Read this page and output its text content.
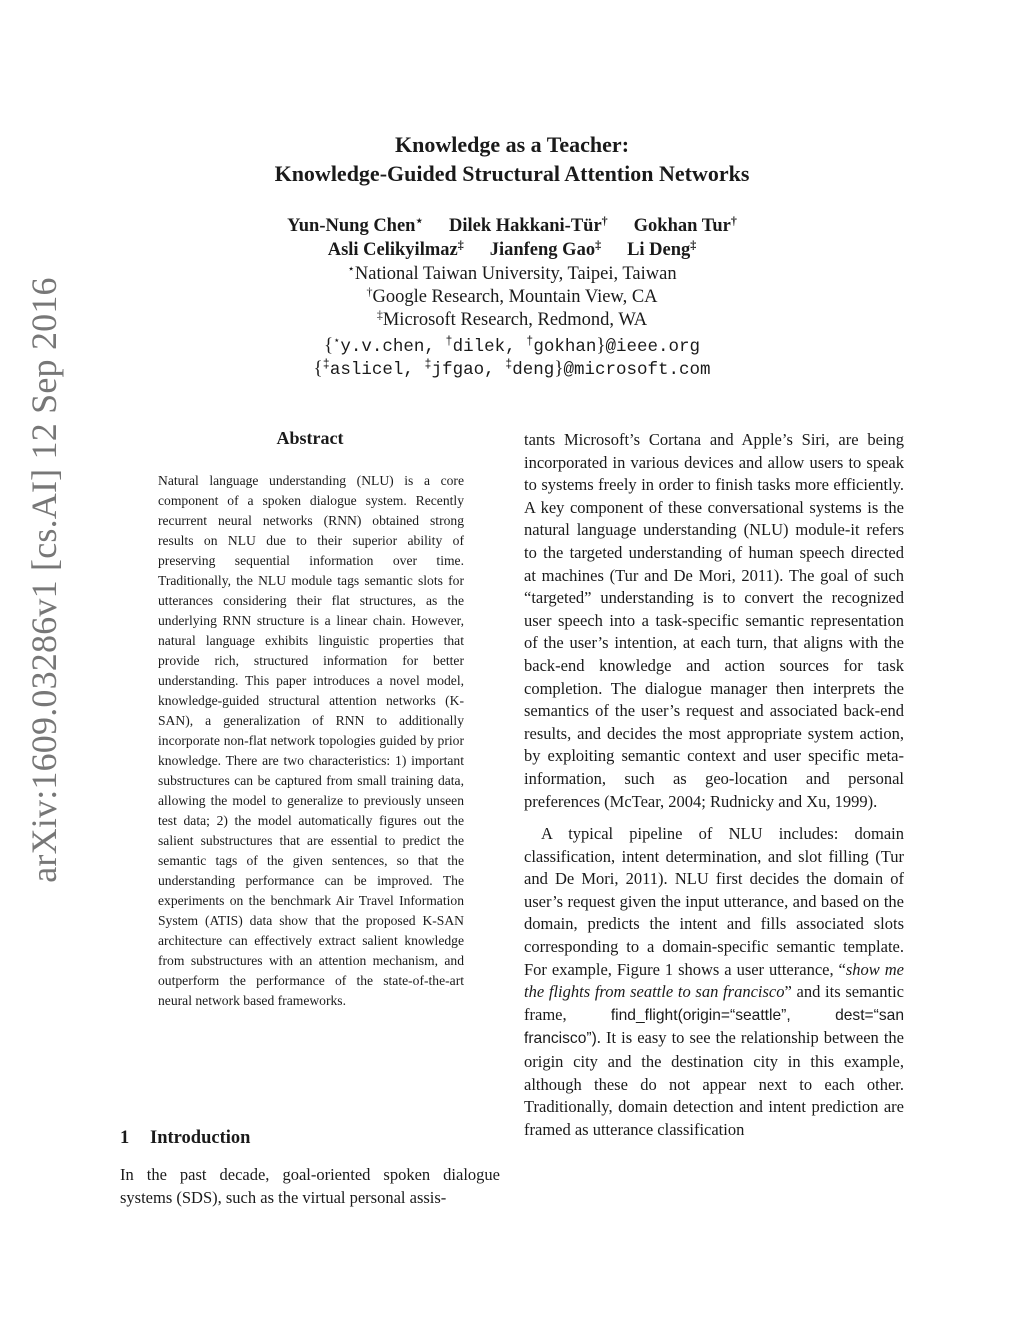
Knowledge as a Teacher:
Knowledge-Guided Structural Attention Networks
Yun-Nung Chen⋆ Dilek Hakkani-Tür† Gokhan Tur†
Asli Celikyilmaz‡ Jianfeng Gao‡ Li Deng‡
⋆National Taiwan University, Taipei, Taiwan
†Google Research, Mountain View, CA
‡Microsoft Research, Redmond, WA
{⋆y.v.chen, †dilek, †gokhan}@ieee.org
{‡aslicel, ‡jfgao, ‡deng}@microsoft.com
arXiv:1609.03286v1 [cs.AI] 12 Sep 2016	Abstract
Natural language understanding (NLU) is a core component of a spoken dialogue system. Recently recurrent neural networks (RNN) obtained strong results on NLU due to their superior ability of preserving sequential information over time. Traditionally, the NLU module tags semantic slots for utterances considering their flat structures, as the underlying RNN structure is a linear chain. However, natural language exhibits linguistic properties that provide rich, structured information for better understanding. This paper introduces a novel model, knowledge-guided structural attention networks (K-SAN), a generalization of RNN to additionally incorporate non-flat network topologies guided by prior knowledge. There are two characteristics: 1) important substructures can be captured from small training data, allowing the model to generalize to previously unseen test data; 2) the model automatically figures out the salient substructures that are essential to predict the semantic tags of the given sentences, so that the understanding performance can be improved. The experiments on the benchmark Air Travel Information System (ATIS) data show that the proposed K-SAN architecture can effectively extract salient knowledge from substructures with an attention mechanism, and outperform the performance of the state-of-the-art neural network based frameworks.
1 Introduction
In the past decade, goal-oriented spoken dialogue systems (SDS), such as the virtual personal assis-

tants Microsoft’s Cortana and Apple’s Siri, are being incorporated in various devices and allow users to speak to systems freely in order to finish tasks more efficiently. A key component of these conversational systems is the natural language understanding (NLU) module-it refers to the targeted understanding of human speech directed at machines (Tur and De Mori, 2011). The goal of such “targeted” understanding is to convert the recognized user speech into a task-specific semantic representation of the user’s intention, at each turn, that aligns with the back-end knowledge and action sources for task completion. The dialogue manager then interprets the semantics of the user’s request and associated back-end results, and decides the most appropriate system action, by exploiting semantic context and user specific meta-information, such as geo-location and personal preferences (McTear, 2004; Rudnicky and Xu, 1999).

A typical pipeline of NLU includes: domain classification, intent determination, and slot filling (Tur and De Mori, 2011). NLU first decides the domain of user’s request given the input utterance, and based on the domain, predicts the intent and fills associated slots corresponding to a domain-specific semantic template. For example, Figure 1 shows a user utterance, “show me the flights from seattle to san francisco” and its semantic frame, find_flight(origin=“seattle”, dest=“san francisco”). It is easy to see the relationship between the origin city and the destination city in this example, although these do not appear next to each other. Traditionally, domain detection and intent prediction are framed as utterance classification
